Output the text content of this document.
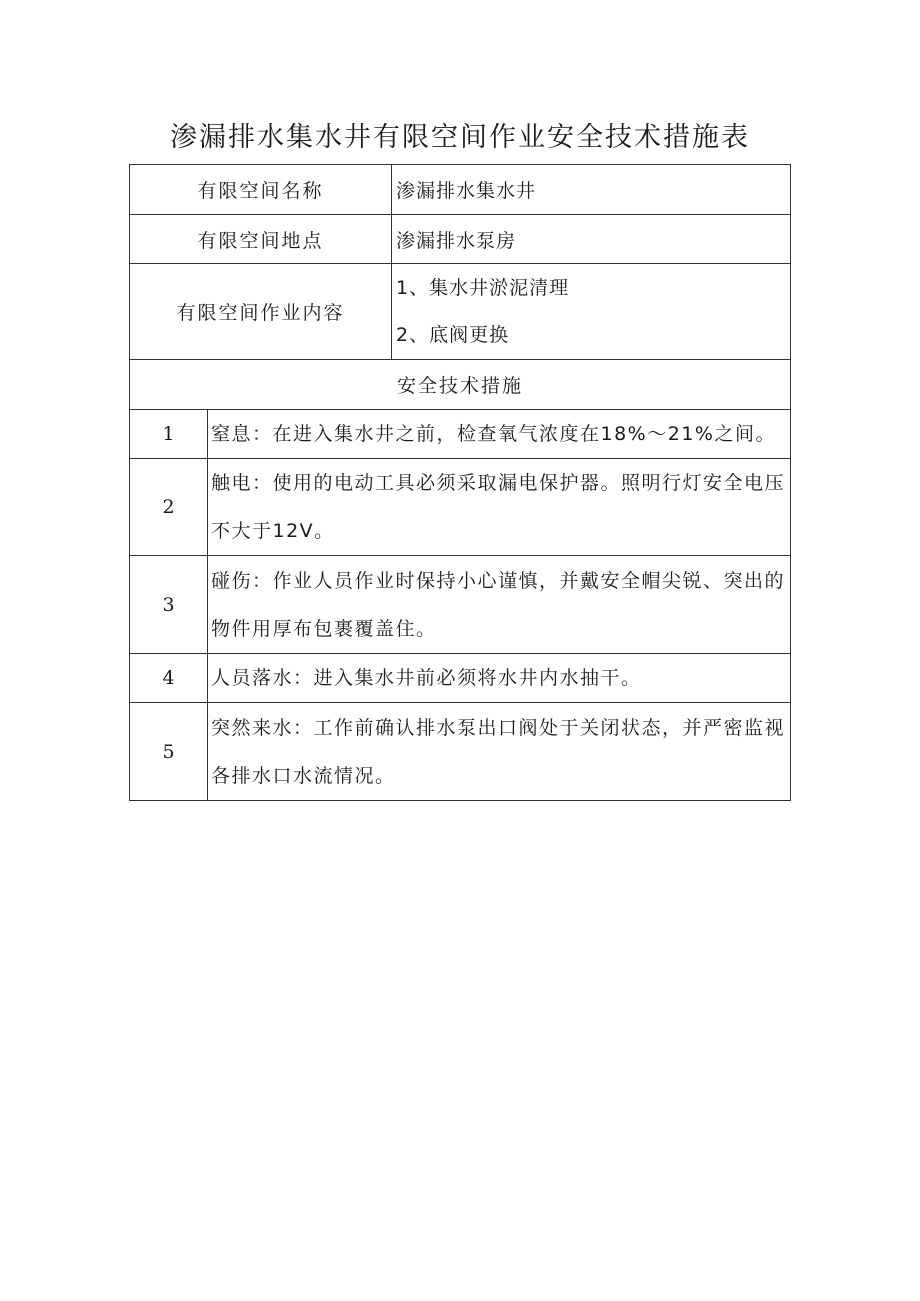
渗漏排水集水井有限空间作业安全技术措施表
有限空间名称		渗漏排水集水井
有限空间地点		渗漏排水泵房
有限空间作业内容		1、集水井淤泥清理
2、底阀更换

安全技术措施		
1	窒息：在进入集水井之前，检查氧气浓度在18%～21%之间。	
2	触电：使用的电动工具必须采取漏电保护器。照明行灯安全电压不大于12V。	
3	碰伤：作业人员作业时保持小心谨慎，并戴安全帽尖锐、突出的物件用厚布包裹覆盖住。	
4	人员落水：进入集水井前必须将水井内水抽干。	
5	突然来水：工作前确认排水泵出口阀处于关闭状态，并严密监视各排水口水流情况。	
